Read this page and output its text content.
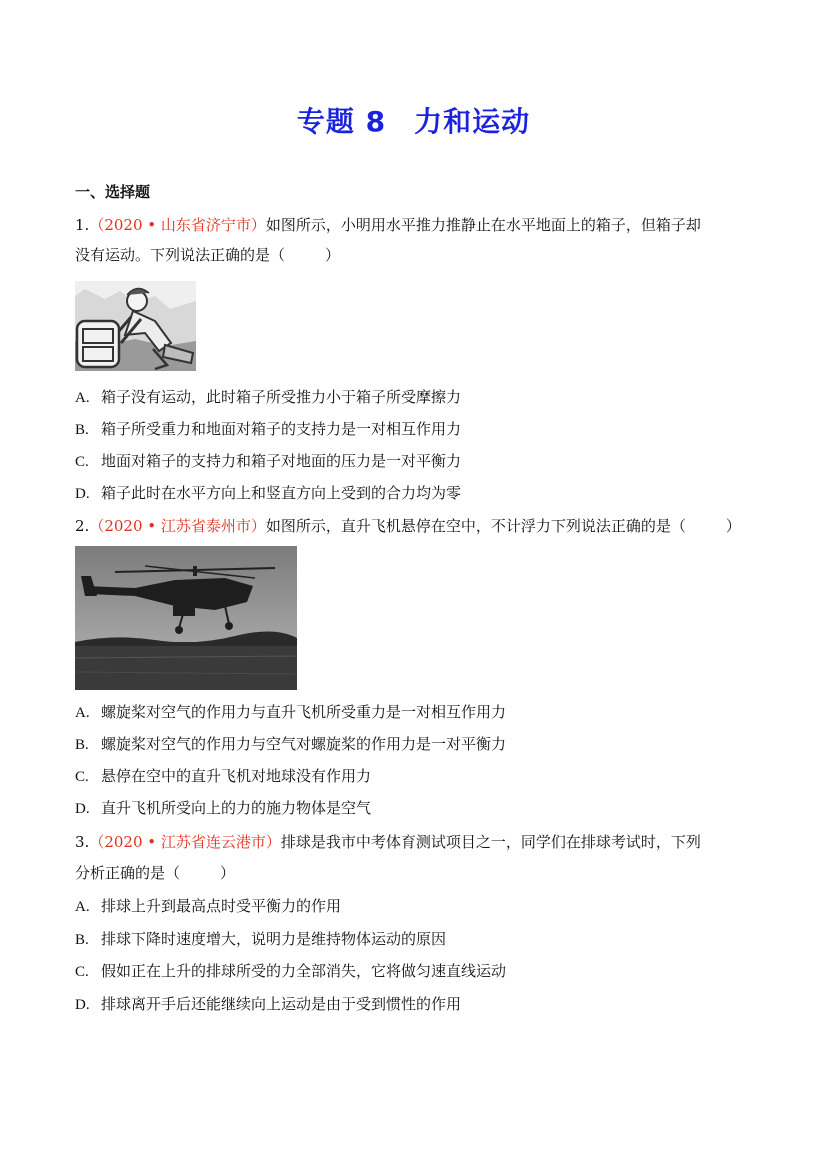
专题 8 力和运动
一、选择题
1.（2020 • 山东省济宁市）如图所示，小明用水平推力推静止在水平地面上的箱子，但箱子却
没有运动。下列说法正确的是（	）
A. 箱子没有运动，此时箱子所受推力小于箱子所受摩擦力
B. 箱子所受重力和地面对箱子的支持力是一对相互作用力
C. 地面对箱子的支持力和箱子对地面的压力是一对平衡力
D. 箱子此时在水平方向上和竖直方向上受到的合力均为零
2.（2020 • 江苏省泰州市）如图所示，直升飞机悬停在空中，不计浮力下列说法正确的是（	）
A. 螺旋桨对空气的作用力与直升飞机所受重力是一对相互作用力
B. 螺旋桨对空气的作用力与空气对螺旋桨的作用力是一对平衡力
C. 悬停在空中的直升飞机对地球没有作用力
D. 直升飞机所受向上的力的施力物体是空气
3.（2020 • 江苏省连云港市）排球是我市中考体育测试项目之一，同学们在排球考试时，下列
分析正确的是（	）
A. 排球上升到最高点时受平衡力的作用
B. 排球下降时速度增大，说明力是维持物体运动的原因
C. 假如正在上升的排球所受的力全部消失，它将做匀速直线运动
D. 排球离开手后还能继续向上运动是由于受到惯性的作用
